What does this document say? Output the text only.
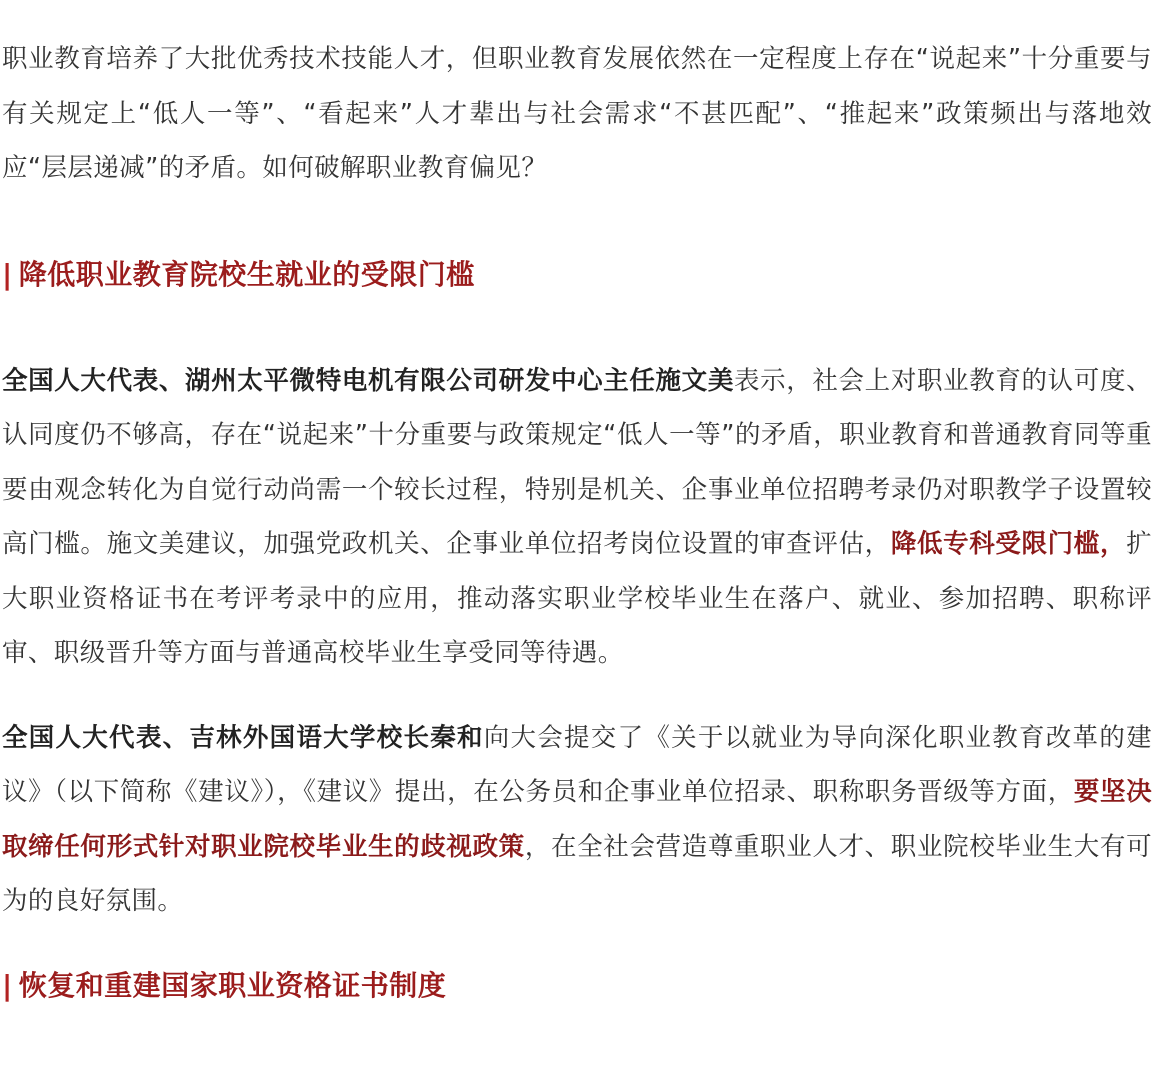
职业教育培养了大批优秀技术技能人才，但职业教育发展依然在一定程度上存在“说起来”十分重要与有关规定上“低人一等”、“看起来”人才辈出与社会需求“不甚匹配”、“推起来”政策频出与落地效应“层层递减”的矛盾。如何破解职业教育偏见？

| 降低职业教育院校生就业的受限门槛

全国人大代表、湖州太平微特电机有限公司研发中心主任施文美表示，社会上对职业教育的认可度、认同度仍不够高，存在“说起来”十分重要与政策规定“低人一等”的矛盾，职业教育和普通教育同等重要由观念转化为自觉行动尚需一个较长过程，特别是机关、企事业单位招聘考录仍对职教学子设置较高门槛。施文美建议，加强党政机关、企事业单位招考岗位设置的审查评估，降低专科受限门槛，扩大职业资格证书在考评考录中的应用，推动落实职业学校毕业生在落户、就业、参加招聘、职称评审、职级晋升等方面与普通高校毕业生享受同等待遇。

全国人大代表、吉林外国语大学校长秦和向大会提交了《关于以就业为导向深化职业教育改革的建议》（以下简称《建议》），《建议》提出，在公务员和企事业单位招录、职称职务晋级等方面，要坚决取缔任何形式针对职业院校毕业生的歧视政策，在全社会营造尊重职业人才、职业院校毕业生大有可为的良好氛围。

| 恢复和重建国家职业资格证书制度
